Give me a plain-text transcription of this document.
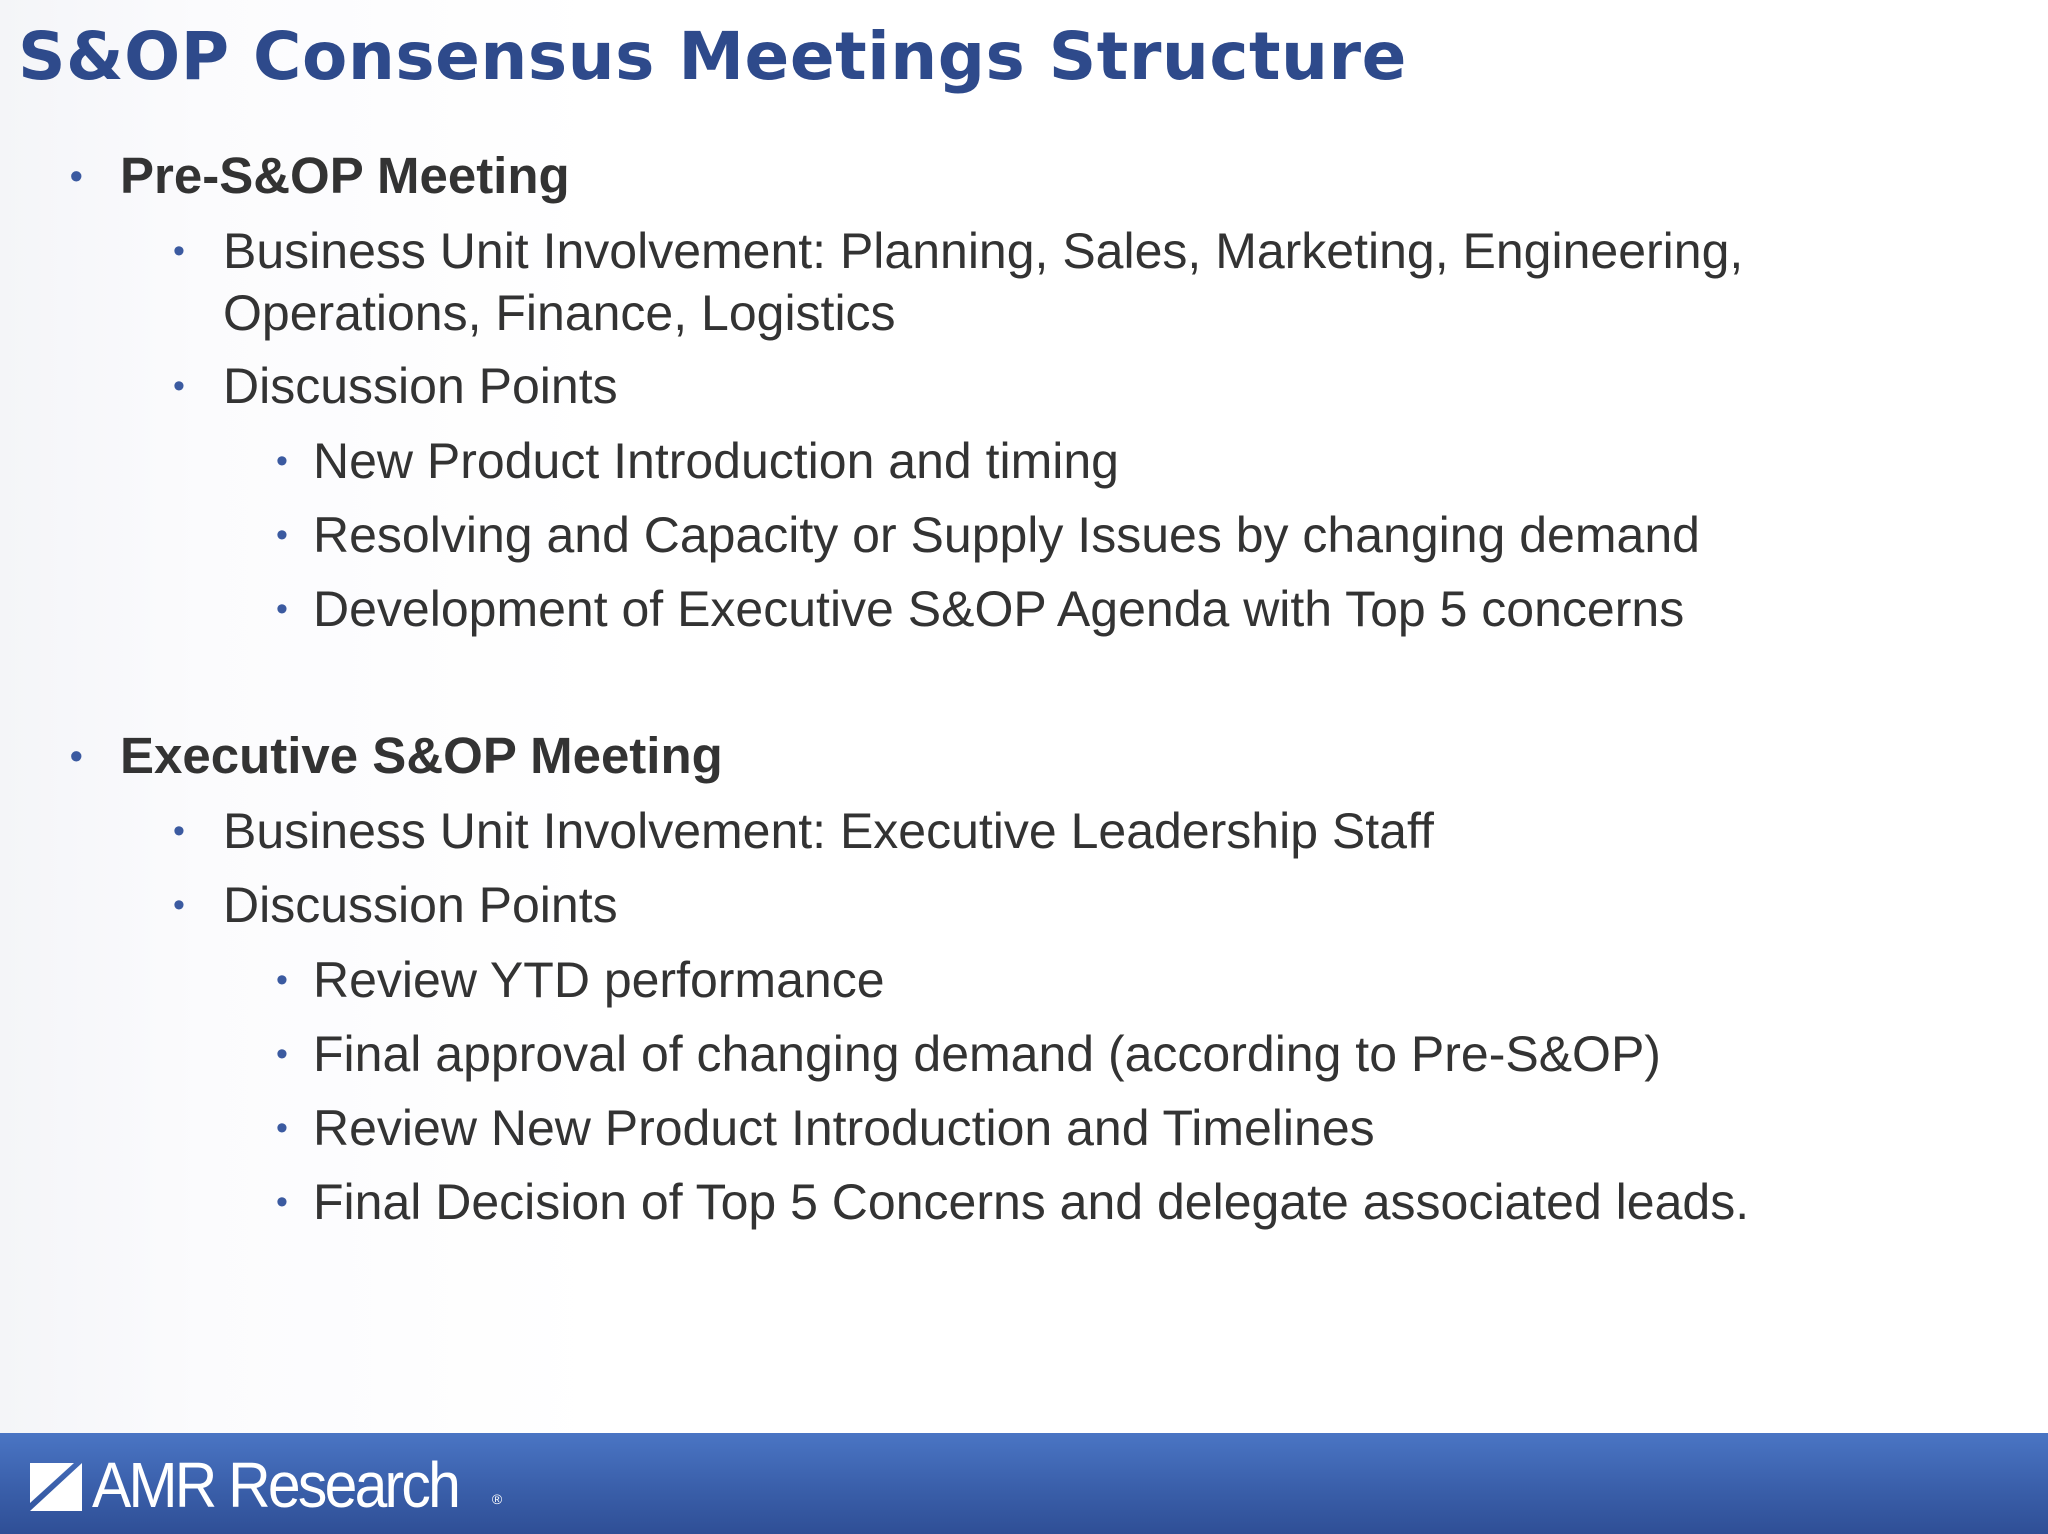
S&OP Consensus Meetings Structure
• Pre-S&OP Meeting
• Business Unit Involvement: Planning, Sales, Marketing, Engineering,
Operations, Finance, Logistics
• Discussion Points
• New Product Introduction and timing
• Resolving and Capacity or Supply Issues by changing demand
• Development of Executive S&OP Agenda with Top 5 concerns
• Executive S&OP Meeting
• Business Unit Involvement: Executive Leadership Staff
• Discussion Points
• Review YTD performance
• Final approval of changing demand (according to Pre-S&OP)
• Review New Product Introduction and Timelines
• Final Decision of Top 5 Concerns and delegate associated leads.
AMR Research ®
